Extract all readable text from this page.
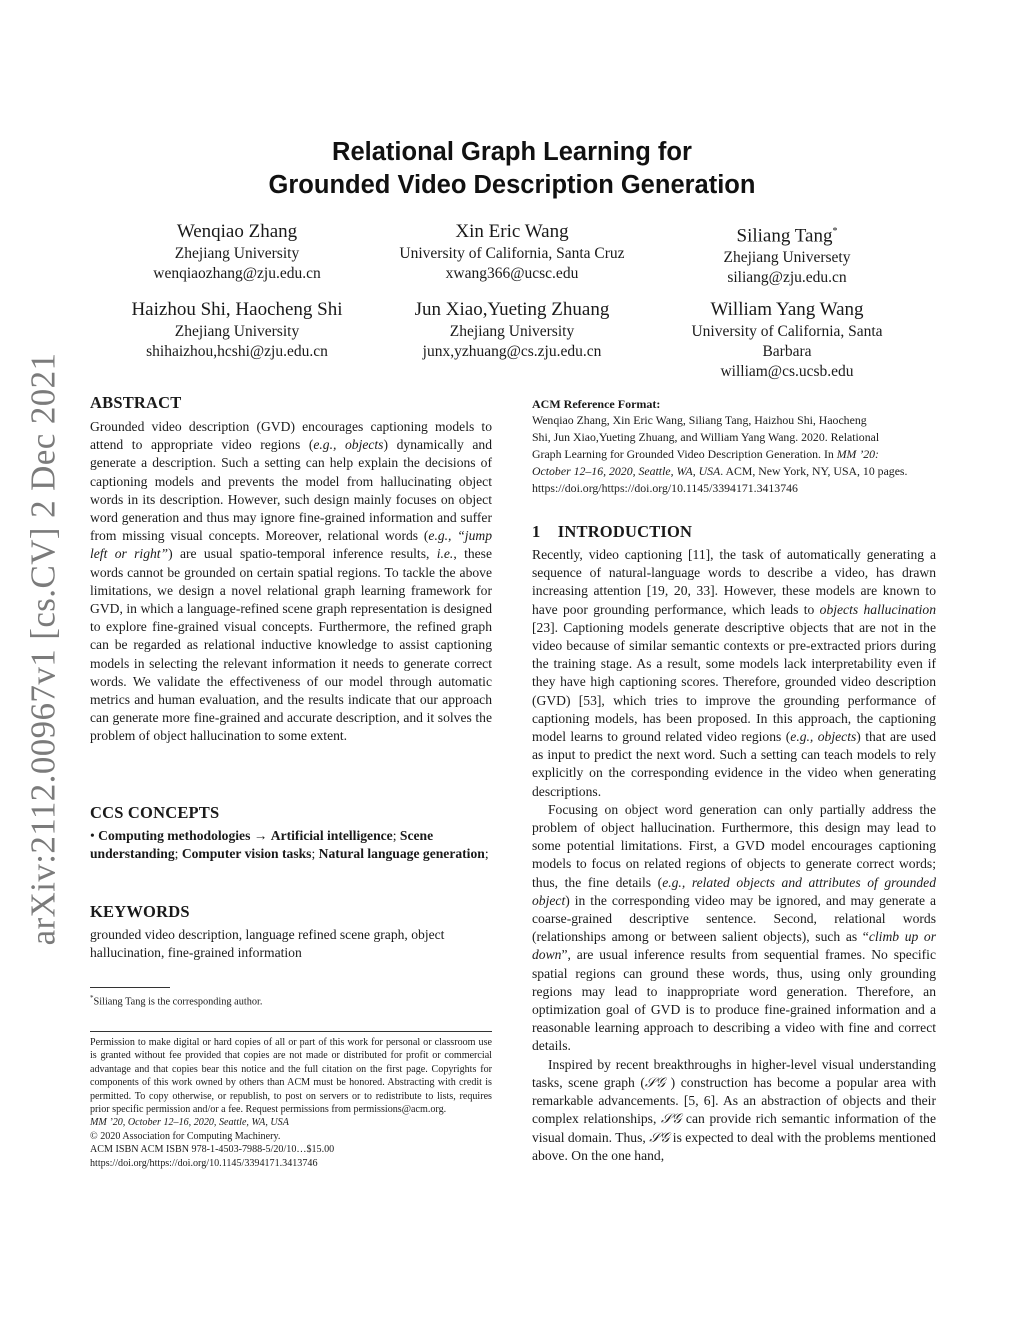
arXiv:2112.00967v1 [cs.CV] 2 Dec 2021
Relational Graph Learning for
Grounded Video Description Generation
Wenqiao Zhang
Zhejiang University
wenqiaozhang@zju.edu.cn
Xin Eric Wang
University of California, Santa Cruz
xwang366@ucsc.edu
Siliang Tang*
Zhejiang Universety
siliang@zju.edu.cn
Haizhou Shi, Haocheng Shi
Zhejiang University
shihaizhou,hcshi@zju.edu.cn
Jun Xiao,Yueting Zhuang
Zhejiang University
junx,yzhuang@cs.zju.edu.cn
William Yang Wang
University of California, Santa
Barbara
william@cs.ucsb.edu
ABSTRACT

Grounded video description (GVD) encourages captioning models to attend to appropriate video regions (e.g., objects) dynamically and generate a description. Such a setting can help explain the decisions of captioning models and prevents the model from hallucinating object words in its description. However, such design mainly focuses on object word generation and thus may ignore fine-grained information and suffer from missing visual concepts. Moreover, relational words (e.g., “jump left or right”) are usual spatio-temporal inference results, i.e., these words cannot be grounded on certain spatial regions. To tackle the above limitations, we design a novel relational graph learning framework for GVD, in which a language-refined scene graph representation is designed to explore fine-grained visual concepts. Furthermore, the refined graph can be regarded as relational inductive knowledge to assist captioning models in selecting the relevant information it needs to generate correct words. We validate the effectiveness of our model through automatic metrics and human evaluation, and the results indicate that our approach can generate more fine-grained and accurate description, and it solves the problem of object hallucination to some extent.

CCS CONCEPTS

• Computing methodologies → Artificial intelligence; Scene understanding; Computer vision tasks; Natural language generation;

KEYWORDS

grounded video description, language refined scene graph, object hallucination, fine-grained information

*Siliang Tang is the corresponding author.

Permission to make digital or hard copies of all or part of this work for personal or classroom use is granted without fee provided that copies are not made or distributed for profit or commercial advantage and that copies bear this notice and the full citation on the first page. Copyrights for components of this work owned by others than ACM must be honored. Abstracting with credit is permitted. To copy otherwise, or republish, to post on servers or to redistribute to lists, requires prior specific permission and/or a fee. Request permissions from permissions@acm.org.
MM ’20, October 12–16, 2020, Seattle, WA, USA
© 2020 Association for Computing Machinery.
ACM ISBN ACM ISBN 978-1-4503-7988-5/20/10…$15.00
https://doi.org/https://doi.org/10.1145/3394171.3413746
ACM Reference Format:
Wenqiao Zhang, Xin Eric Wang, Siliang Tang, Haizhou Shi, Haocheng
Shi, Jun Xiao,Yueting Zhuang, and William Yang Wang. 2020. Relational
Graph Learning for Grounded Video Description Generation. In MM ’20:
October 12–16, 2020, Seattle, WA, USA. ACM, New York, NY, USA, 10 pages.
https://doi.org/https://doi.org/10.1145/3394171.3413746
1    INTRODUCTION

Recently, video captioning [11], the task of automatically generating a sequence of natural-language words to describe a video, has drawn increasing attention [19, 20, 33]. However, these models are known to have poor grounding performance, which leads to objects hallucination [23]. Captioning models generate descriptive objects that are not in the video because of similar semantic contexts or pre-extracted priors during the training stage. As a result, some models lack interpretability even if they have high captioning scores. Therefore, grounded video description (GVD) [53], which tries to improve the grounding performance of captioning models, has been proposed. In this approach, the captioning model learns to ground related video regions (e.g., objects) that are used as input to predict the next word. Such a setting can teach models to rely explicitly on the corresponding evidence in the video when generating descriptions.

Focusing on object word generation can only partially address the problem of object hallucination. Furthermore, this design may lead to some potential limitations. First, a GVD model encourages captioning models to focus on related regions of objects to generate correct words; thus, the fine details (e.g., related objects and attributes of grounded object) in the corresponding video may be ignored, and may generate a coarse-grained descriptive sentence. Second, relational words (relationships among or between salient objects), such as “climb up or down”, are usual inference results from sequential frames. No specific spatial regions can ground these words, thus, using only grounding regions may lead to inappropriate word generation. Therefore, an optimization goal of GVD is to produce fine-grained information and a reasonable learning approach to describing a video with fine and correct details.

Inspired by recent breakthroughs in higher-level visual understanding tasks, scene graph (𝒮𝒢 ) construction has become a popular area with remarkable advancements. [5, 6]. As an abstraction of objects and their complex relationships, 𝒮𝒢 can provide rich semantic information of the visual domain. Thus, 𝒮𝒢 is expected to deal with the problems mentioned above. On the one hand,
